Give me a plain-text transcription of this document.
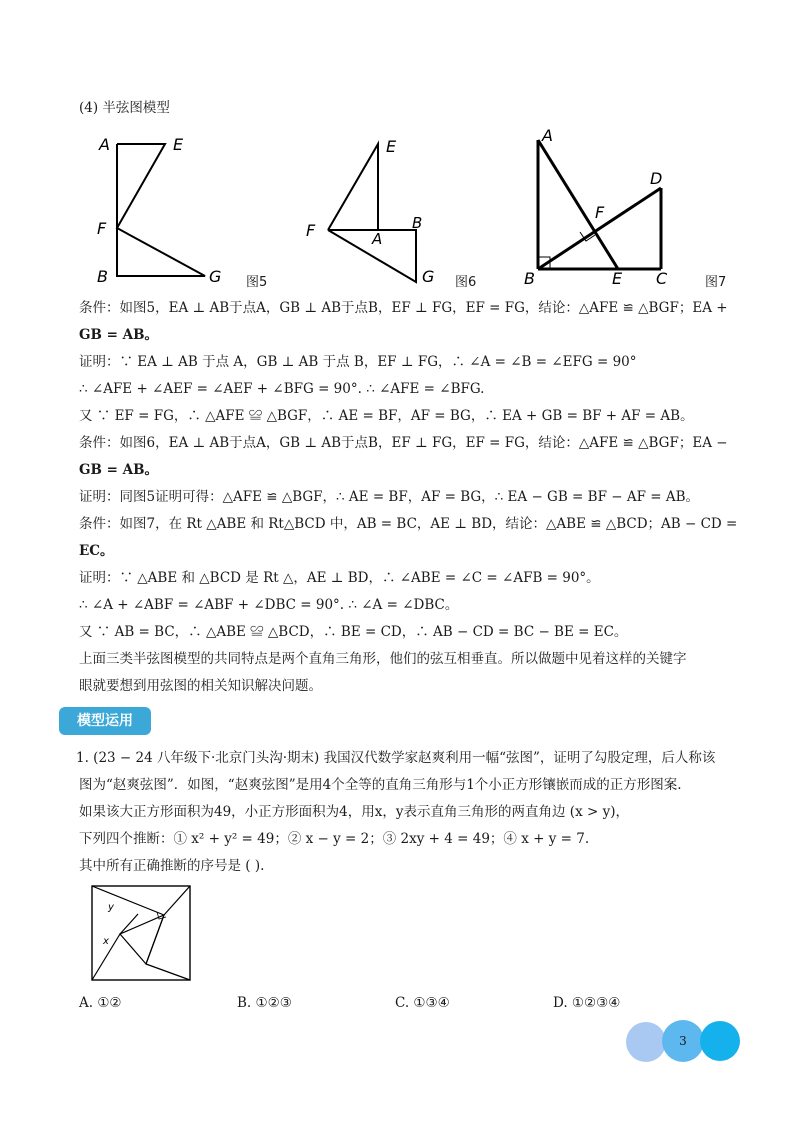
(4) 半弦图模型
A	E
F
B	G 图5
E
F	A
B
G 图6
A
D
F
B	E C	图7
条件：如图5，EA ⊥ AB于点A，GB ⊥ AB于点B，EF ⊥ FG，EF = FG，结论：△AFE ≌ △BGF；EA +
GB = AB。
证明：∵ EA ⊥ AB 于点 A，GB ⊥ AB 于点 B，EF ⊥ FG，∴ ∠A = ∠B = ∠EFG = 90°
∴ ∠AFE + ∠AEF = ∠AEF + ∠BFG = 90°. ∴ ∠AFE = ∠BFG.
又 ∵ EF = FG，∴ △AFE ≌ △BGF，∴ AE = BF，AF = BG，∴ EA + GB = BF + AF = AB。
条件：如图6，EA ⊥ AB于点A，GB ⊥ AB于点B，EF ⊥ FG，EF = FG，结论：△AFE ≌ △BGF；EA −
GB = AB。
证明：同图5证明可得：△AFE ≌ △BGF，∴ AE = BF，AF = BG，∴ EA − GB = BF − AF = AB。
条件：如图7，在 Rt △ABE 和 Rt△BCD 中，AB = BC，AE ⊥ BD，结论：△ABE ≌ △BCD；AB − CD =
EC。
证明：∵ △ABE 和 △BCD 是 Rt △，AE ⊥ BD，∴ ∠ABE = ∠C = ∠AFB = 90°。
∴ ∠A + ∠ABF = ∠ABF + ∠DBC = 90°. ∴ ∠A = ∠DBC。
又 ∵ AB = BC，∴ △ABE ≌ △BCD，∴ BE = CD，∴ AB − CD = BC − BE = EC。
上面三类半弦图模型的共同特点是两个直角三角形，他们的弦互相垂直。所以做题中见着这样的关键字
眼就要想到用弦图的相关知识解决问题。
模型运用
1. (23 − 24 八年级下·北京门头沟·期末) 我国汉代数学家赵爽利用一幅“弦图”，证明了勾股定理，后人称该
图为“赵爽弦图”．如图，“赵爽弦图”是用4个全等的直角三角形与1个小正方形镶嵌而成的正方形图案.
如果该大正方形面积为49，小正方形面积为4，用x，y表示直角三角形的两直角边 (x > y)，
下列四个推断：① x² + y² = 49；② x − y = 2；③ 2xy + 4 = 49；④ x + y = 7.
其中所有正确推断的序号是 ( ).
y
x
A. ①②	B. ①②③	C. ①③④	D. ①②③④
3
